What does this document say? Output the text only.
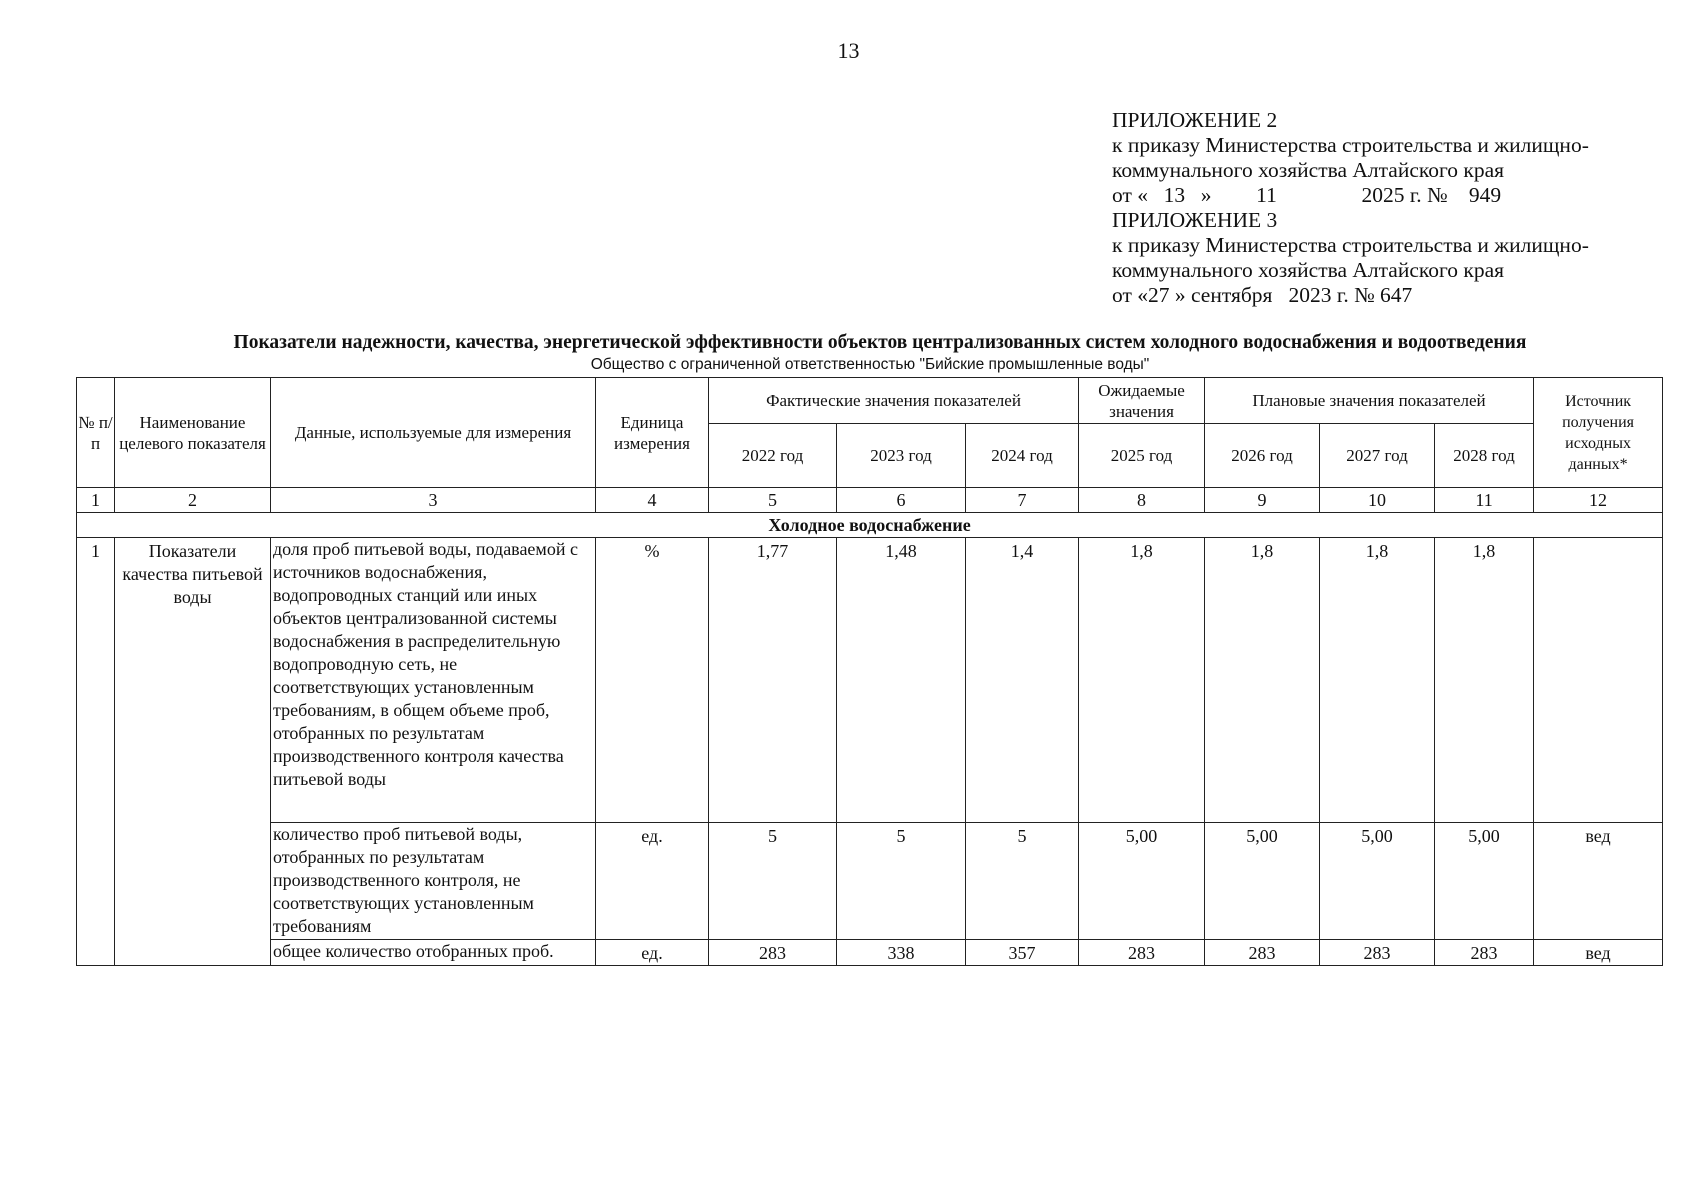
13
ПРИЛОЖЕНИЕ 2
к приказу Министерства строительства и жилищно-
коммунального хозяйства Алтайского края
от « 13 » 11	2025 г. № 949
ПРИЛОЖЕНИЕ 3
к приказу Министерства строительства и жилищно-
коммунального хозяйства Алтайского края
от «27 » сентября   2023 г. № 647
Показатели надежности, качества, энергетической эффективности объектов централизованных систем холодного водоснабжения и водоотведения
Общество с ограниченной ответственностью "Бийские промышленные воды"
№ п/п	Наименование целевого показателя	Данные, используемые для измерения	Единица измерения	Фактические значения показателей			Ожидаемые значения	Плановые значения показателей			Источник получения исходных данных*
				2022 год	2023 год	2024 год	2025 год	2026 год	2027 год	2028 год	
1	2	3	4	5	6	7	8	9	10	11	12
Холодное водоснабжение											
1	Показатели качества питьевой воды	доля проб питьевой воды, подаваемой с источников водоснабжения, водопроводных станций или иных объектов централизованной системы водоснабжения в распределительную водопроводную сеть, не соответствующих установленным требованиям, в общем объеме проб, отобранных по результатам производственного контроля качества питьевой воды	%	1,77	1,48	1,4	1,8	1,8	1,8	1,8	
		количество проб питьевой воды, отобранных по результатам производственного контроля, не соответствующих установленным требованиям	ед.	5	5	5	5,00	5,00	5,00	5,00	вед
		общее количество отобранных проб.	ед.	283	338	357	283	283	283	283	вед
